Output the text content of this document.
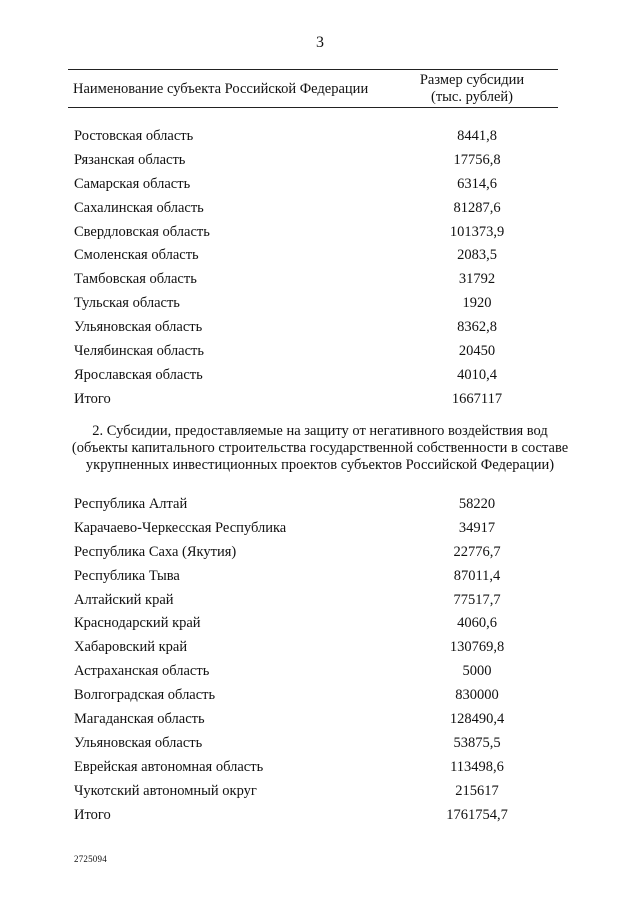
3
Наименование субъекта Российской Федерации
Размер субсидии
(тыс. рублей)
Ростовская область	8441,8
Рязанская область	17756,8
Самарская область	6314,6
Сахалинская область	81287,6
Свердловская область	101373,9
Смоленская область	2083,5
Тамбовская область	31792
Тульская область	1920
Ульяновская область	8362,8
Челябинская область	20450
Ярославская область	4010,4
Итого	1667117
2. Субсидии, предоставляемые на защиту от негативного воздействия вод
(объекты капитального строительства государственной собственности в составе укрупненных инвестиционных проектов субъектов Российской Федерации)
Республика Алтай	58220
Карачаево-Черкесская Республика	34917
Республика Саха (Якутия)	22776,7
Республика Тыва	87011,4
Алтайский край	77517,7
Краснодарский край	4060,6
Хабаровский край	130769,8
Астраханская область	5000
Волгоградская область	830000
Магаданская область	128490,4
Ульяновская область	53875,5
Еврейская автономная область	113498,6
Чукотский автономный округ	215617
Итого	1761754,7
2725094
